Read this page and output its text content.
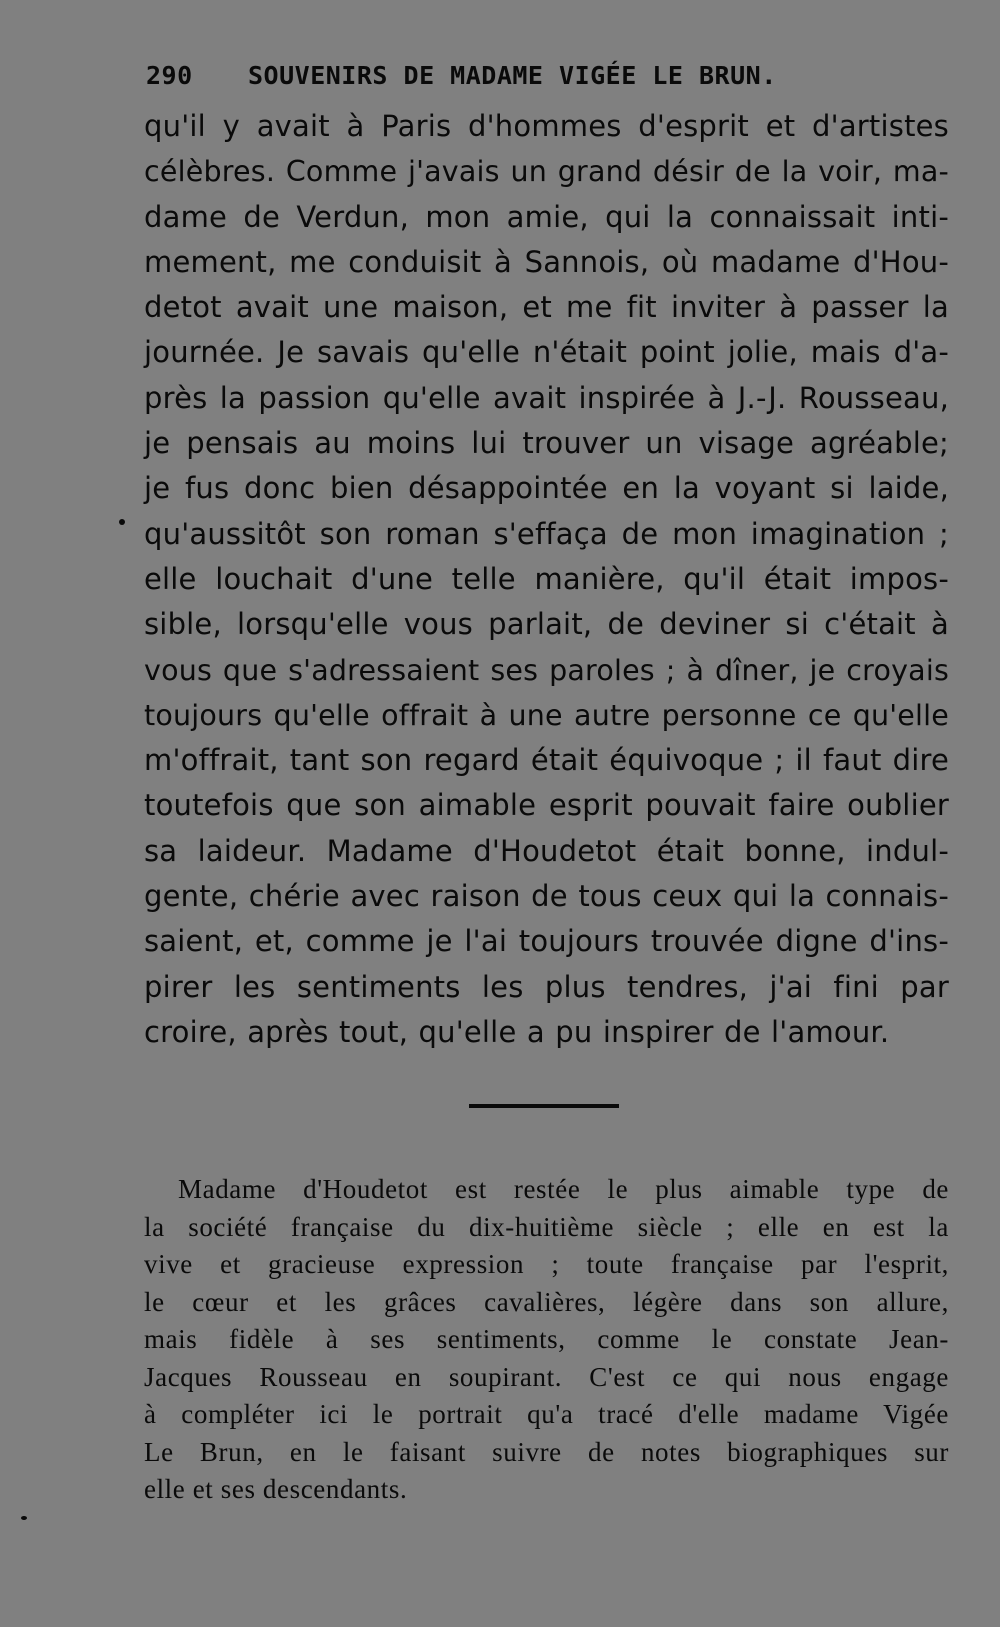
290 SOUVENIRS DE MADAME VIGÉE LE BRUN.
qu'il y avait à Paris d'hommes d'esprit et d'artistes
célèbres. Comme j'avais un grand désir de la voir, ma-
dame de Verdun, mon amie, qui la connaissait inti-
mement, me conduisit à Sannois, où madame d'Hou-
detot avait une maison, et me fit inviter à passer la
journée. Je savais qu'elle n'était point jolie, mais d'a-
près la passion qu'elle avait inspirée à J.-J. Rousseau,
je pensais au moins lui trouver un visage agréable;
je fus donc bien désappointée en la voyant si laide,
qu'aussitôt son roman s'effaça de mon imagination ;
elle louchait d'une telle manière, qu'il était impos-
sible, lorsqu'elle vous parlait, de deviner si c'était à
vous que s'adressaient ses paroles ; à dîner, je croyais
toujours qu'elle offrait à une autre personne ce qu'elle
m'offrait, tant son regard était équivoque ; il faut dire
toutefois que son aimable esprit pouvait faire oublier
sa laideur. Madame d'Houdetot était bonne, indul-
gente, chérie avec raison de tous ceux qui la connais-
saient, et, comme je l'ai toujours trouvée digne d'ins-
pirer les sentiments les plus tendres, j'ai fini par
croire, après tout, qu'elle a pu inspirer de l'amour.
Madame d'Houdetot est restée le plus aimable type de
la société française du dix-huitième siècle ; elle en est la
vive et gracieuse expression ; toute française par l'esprit,
le cœur et les grâces cavalières, légère dans son allure,
mais fidèle à ses sentiments, comme le constate Jean-
Jacques Rousseau en soupirant. C'est ce qui nous engage
à compléter ici le portrait qu'a tracé d'elle madame Vigée
Le Brun, en le faisant suivre de notes biographiques sur
elle et ses descendants.
